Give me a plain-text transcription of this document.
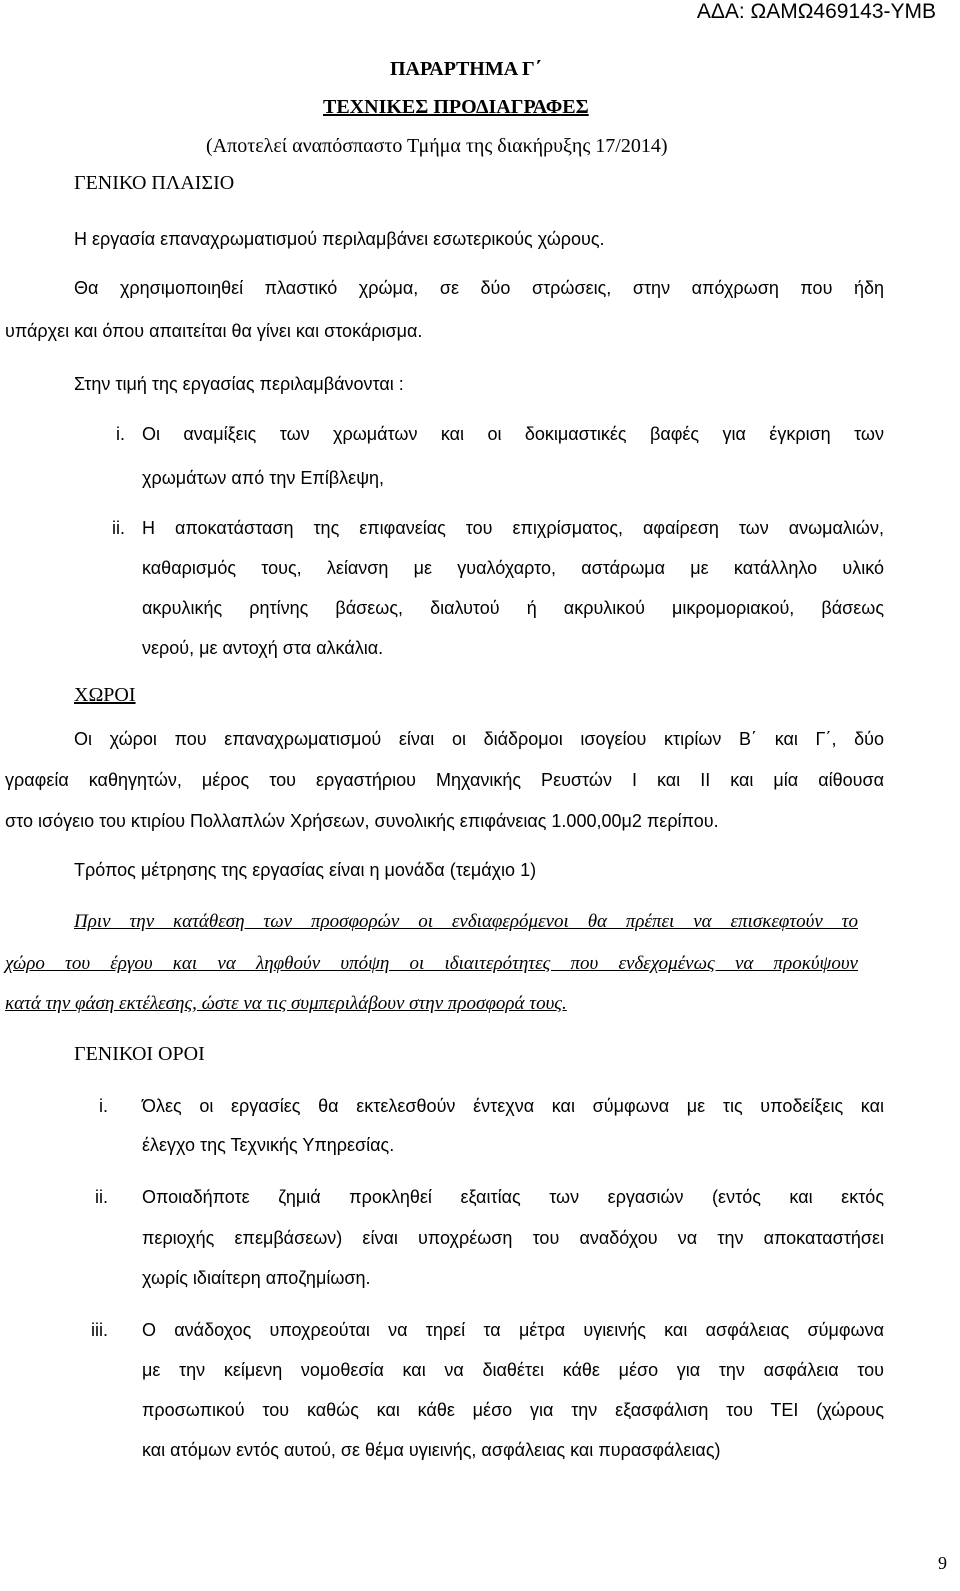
ΑΔΑ: ΩΑΜΩ469143-ΥΜΒ
ΠΑΡΑΡΤΗΜΑ Γ΄
ΤΕΧΝΙΚΕΣ ΠΡΟΔΙΑΓΡΑΦΕΣ
(Αποτελεί αναπόσπαστο Τμήμα της διακήρυξης 17/2014)
ΓΕΝΙΚΟ ΠΛΑΙΣΙΟ
Η εργασία επαναχρωματισμού περιλαμβάνει εσωτερικούς χώρους.
Θα χρησιμοποιηθεί πλαστικό χρώμα, σε δύο στρώσεις, στην απόχρωση που ήδη
υπάρχει και όπου απαιτείται θα γίνει και στοκάρισμα.
Στην τιμή της εργασίας περιλαμβάνονται :
i. Οι αναμίξεις των χρωμάτων και οι δοκιμαστικές βαφές για έγκριση των
χρωμάτων από την Επίβλεψη,
ii. Η αποκατάσταση της επιφανείας του επιχρίσματος, αφαίρεση των ανωμαλιών,
καθαρισμός τους, λείανση με γυαλόχαρτο, αστάρωμα με κατάλληλο υλικό
ακρυλικής ρητίνης βάσεως, διαλυτού ή ακρυλικού μικρομοριακού, βάσεως
νερού, με αντοχή στα αλκάλια.
ΧΩΡΟΙ
Οι χώροι που επαναχρωματισμού είναι οι διάδρομοι ισογείου κτιρίων Β΄ και Γ΄, δύο
γραφεία καθηγητών, μέρος του εργαστήριου Μηχανικής Ρευστών Ι και ΙΙ και μία αίθουσα
στο ισόγειο του κτιρίου Πολλαπλών Χρήσεων, συνολικής επιφάνειας 1.000,00μ2 περίπου.
Τρόπος μέτρησης της εργασίας είναι η μονάδα (τεμάχιο 1)
Πριν την κατάθεση των προσφορών οι ενδιαφερόμενοι θα πρέπει να επισκεφτούν το
χώρο του έργου και να ληφθούν υπόψη οι ιδιαιτερότητες που ενδεχομένως να προκύψουν
κατά την φάση εκτέλεσης, ώστε να τις συμπεριλάβουν στην προσφορά τους.
ΓΕΝΙΚΟΙ ΟΡΟΙ
i. Όλες οι εργασίες θα εκτελεσθούν έντεχνα και σύμφωνα με τις υποδείξεις και
έλεγχο της Τεχνικής Υπηρεσίας.
ii. Οποιαδήποτε ζημιά προκληθεί εξαιτίας των εργασιών (εντός και εκτός
περιοχής επεμβάσεων) είναι υποχρέωση του αναδόχου να την αποκαταστήσει
χωρίς ιδιαίτερη αποζημίωση.
iii. Ο ανάδοχος υποχρεούται να τηρεί τα μέτρα υγιεινής και ασφάλειας σύμφωνα
με την κείμενη νομοθεσία και να διαθέτει κάθε μέσο για την ασφάλεια του
προσωπικού του καθώς και κάθε μέσο για την εξασφάλιση του ΤΕΙ (χώρους
και ατόμων εντός αυτού, σε θέμα υγιεινής, ασφάλειας και πυρασφάλειας)
9
